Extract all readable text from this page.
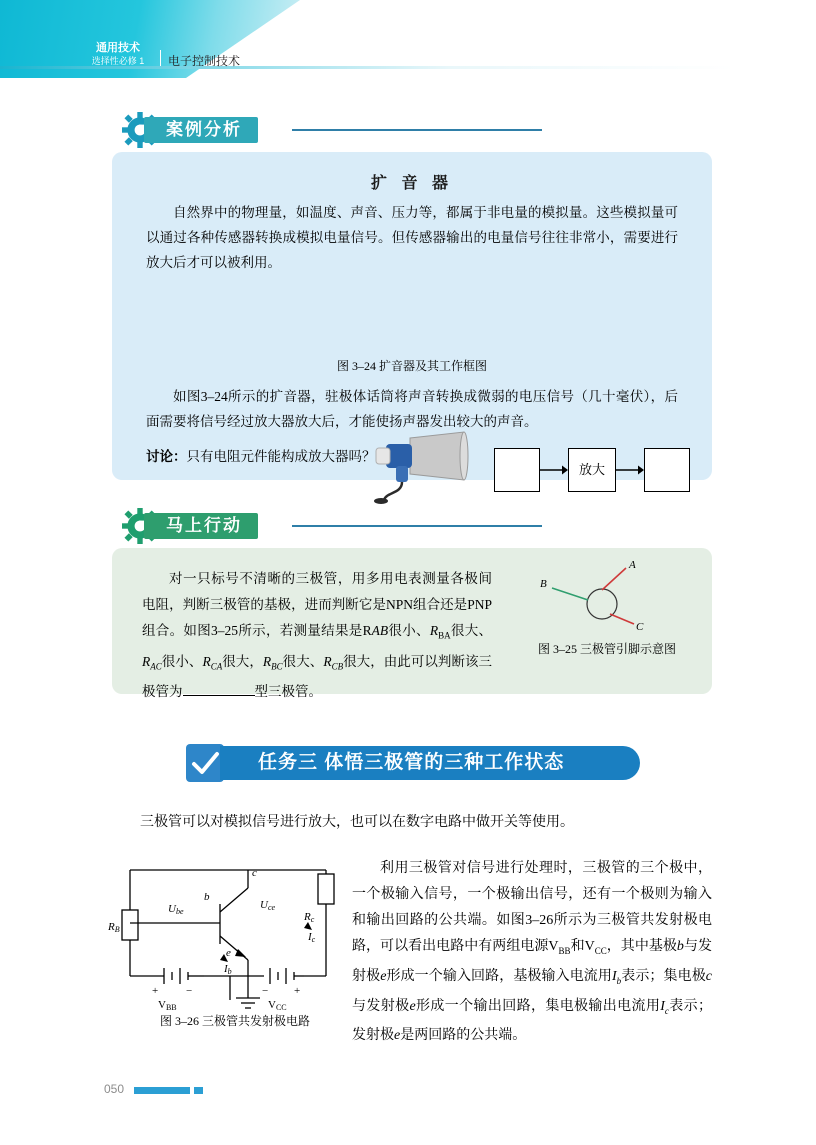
通用技术
选择性必修 1	电子控制技术
案例分析
扩 音 器
自然界中的物理量，如温度、声音、压力等，都属于非电量的模拟量。这些模拟量可以通过各种传感器转换成模拟电量信号。但传感器输出的电量信号往往非常小，需要进行放大后才可以被利用。
放大
图 3–24 扩音器及其工作框图
如图3–24所示的扩音器，驻极体话筒将声音转换成微弱的电压信号（几十毫伏），后面需要将信号经过放大器放大后，才能使扬声器发出较大的声音。
讨论：只有电阻元件能构成放大器吗？
马上行动
对一只标号不清晰的三极管，用多用电表测量各极间电阻，判断三极管的基极，进而判断它是NPN组合还是PNP组合。如图3–25所示，若测量结果是RAB很小、$R_{BA}$很大、$R_{AC}$很小、$R_{CA}$很大，$R_{BC}$很大、$R_{CB}$很大，由此可以判断该三极管为	型三极管。
A
B
C
图 3–25 三极管引脚示意图
任务三 体悟三极管的三种工作状态
三极管可以对模拟信号进行放大，也可以在数字电路中做开关等使用。
利用三极管对信号进行处理时，三极管的三个极中，一个极输入信号，一个极输出信号，还有一个极则为输入和输出回路的公共端。如图3–26所示为三极管共发射极电路，可以看出电路中有两组电源$V_{BB}$和$V_{CC}$，其中基极b与发射极e形成一个输入回路，基极输入电流用$I_b$表示；集电极c与发射极e形成一个输出回路，集电极输出电流用$I_c$表示；发射极e是两回路的公共端。
RB
Rc
b
c
e
Ube
Uce
Ib
Ic
+	−	− +
VBB	VCC
图 3–26 三极管共发射极电路
050
